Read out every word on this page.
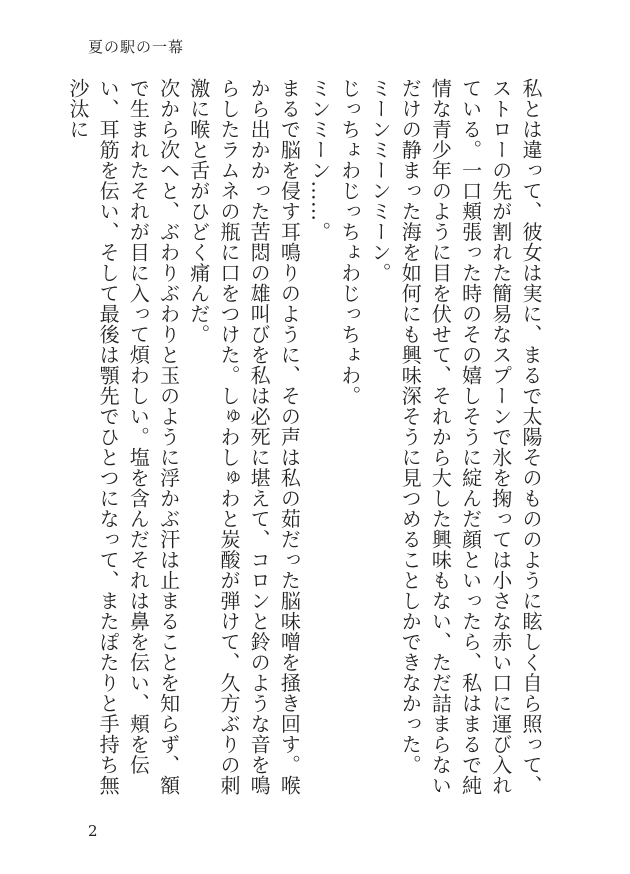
夏の駅の一幕

私とは違って、彼女は実に、まるで太陽そのもののように眩しく自ら照って、ストローの先が割れた簡易なスプーンで氷を掬っては小さな赤い口に運び入れている。一口頬張った時のその嬉しそうに綻んだ顔といったら、私はまるで純情な青少年のように目を伏せて、それから大した興味もない、ただ詰まらないだけの静まった海を如何にも興味深そうに見つめることしかできなかった。

ミーンミーンミーン。

じっちょわじっちょわじっちょわ。

ミンミーン……。

まるで脳を侵す耳鳴りのように、その声は私の茹だった脳味噌を掻き回す。喉から出かかった苦悶の雄叫びを私は必死に堪えて、コロンと鈴のような音を鳴らしたラムネの瓶に口をつけた。しゅわしゅわと炭酸が弾けて、久方ぶりの刺激に喉と舌がひどく痛んだ。

次から次へと、ぶわりぶわりと玉のように浮かぶ汗は止まることを知らず、額で生まれたそれが目に入って煩わしい。塩を含んだそれは鼻を伝い、頬を伝い、耳筋を伝い、そして最後は顎先でひとつになって、またぽたりと手持ち無沙汰に

2
